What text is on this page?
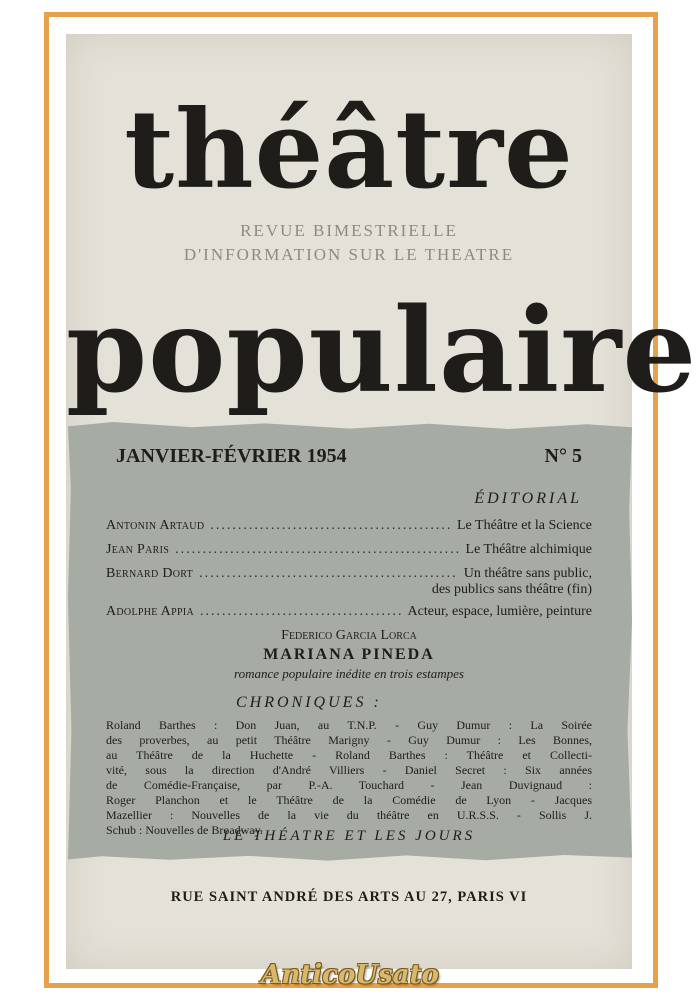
théâtre
REVUE BIMESTRIELLE
D'INFORMATION SUR LE THEATRE
populaire
JANVIER-FÉVRIER 1954	N° 5
ÉDITORIAL
Antonin Artaud .....	Le Théâtre et la Science
Jean Paris .....	Le Théâtre alchimique
Bernard Dort .....	Un théâtre sans public,
des publics sans théâtre (fin)
Adolphe Appia .....	Acteur, espace, lumière, peinture
Federico Garcia Lorca
MARIANA PINEDA
romance populaire inédite en trois estampes
CHRONIQUES :
Roland Barthes : Don Juan, au T.N.P. - Guy Dumur : La Soirée
des proverbes, au petit Théâtre Marigny - Guy Dumur : Les Bonnes,
au Théâtre de la Huchette - Roland Barthes : Théâtre et Collecti-
vité, sous la direction d'André Villiers - Daniel Secret : Six années
de Comédie-Française, par P.-A. Touchard - Jean Duvignaud :
Roger Planchon et le Théâtre de la Comédie de Lyon - Jacques
Mazellier : Nouvelles de la vie du théâtre en U.R.S.S. - Sollis J.
Schub : Nouvelles de Broadway.
LE THÉATRE ET LES JOURS
RUE SAINT ANDRÉ DES ARTS AU 27, PARIS VI
AnticoUsato
